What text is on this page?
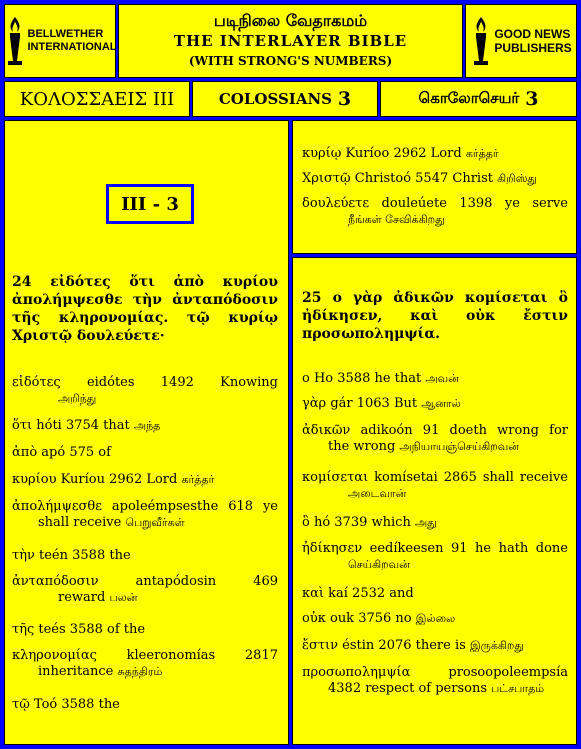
BELLWETHER
INTERNATIONAL
படிநிலை வேதாகமம்
THE INTERLAYER BIBLE
(WITH STRONG'S NUMBERS)
GOOD NEWS
PUBLISHERS
ΚΟΛΟΣΣΑΕΙΣ III	COLOSSIANS
3	கொலோசெயர்
3
III - 3
24 εἰδότες ὅτι ἀπὸ κυρίου ἀπολήμψεσθε τὴν ἀνταπόδοσιν τῆς κληρονομίας. τῷ κυρίῳ Χριστῷ δουλεύετε·
εἰδότες eidótes 1492 Knowing
அறிந்து
ὅτι hóti 3754 that அந்த
ἀπὸ apó 575 of
κυρίου Kuríou 2962 Lord கர்த்தர்
ἀπολήμψεσθε apoleémpsesthe 618 ye
shall receive பெறுவீர்கள்
τὴν teén 3588 the
ἀνταπόδοσιν antapódosin 469
reward பலன்
τῆς teés 3588 of the
κληρονομίας kleeronomías 2817
inheritance சுதந்திரம்
τῷ Toó 3588 the
κυρίῳ Kuríoo 2962 Lord கர்த்தர்
Χριστῷ Christoó 5547 Christ கிறிஸ்து
δουλεύετε douleúete 1398 ye serve
நீங்கள் சேவிக்கிறது
25 ο γὰρ ἀδικῶν κομίσεται ὃ ἠδίκησεν, καὶ οὐκ ἔστιν προσωπολημψία.
ο Ho 3588 he that அவன்
γὰρ gár 1063 But ஆனால்
ἀδικῶν adikoón 91 doeth wrong for
the wrong அநியாயஞ்செய்கிறவன்
κομίσεται komísetai 2865 shall receive
அடைவான்
ὃ hó 3739 which அது
ἠδίκησεν eedíkeesen 91 he hath done
செய்கிறவன்
καὶ kaí 2532 and
οὐκ ouk 3756 no இல்லை
ἔστιν éstin 2076 there is இருக்கிறது
προσωπολημψία prosoopoleempsía
4382 respect of persons பட்சபாதம்
